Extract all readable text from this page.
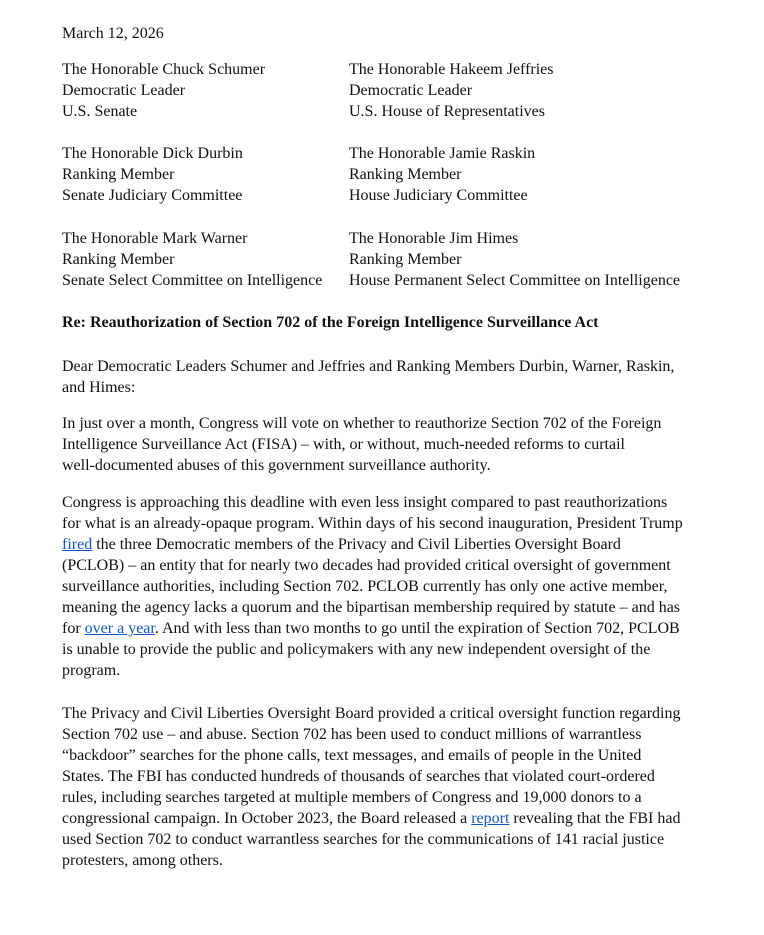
March 12, 2026
The Honorable Chuck Schumer
Democratic Leader
U.S. Senate
The Honorable Hakeem Jeffries
Democratic Leader
U.S. House of Representatives
The Honorable Dick Durbin
Ranking Member
Senate Judiciary Committee
The Honorable Jamie Raskin
Ranking Member
House Judiciary Committee
The Honorable Mark Warner
Ranking Member
Senate Select Committee on Intelligence
The Honorable Jim Himes
Ranking Member
House Permanent Select Committee on Intelligence
Re: Reauthorization of Section 702 of the Foreign Intelligence Surveillance Act
Dear Democratic Leaders Schumer and Jeffries and Ranking Members Durbin, Warner, Raskin,
and Himes:
In just over a month, Congress will vote on whether to reauthorize Section 702 of the Foreign
Intelligence Surveillance Act (FISA) – with, or without, much-needed reforms to curtail
well-documented abuses of this government surveillance authority.
Congress is approaching this deadline with even less insight compared to past reauthorizations
for what is an already-opaque program. Within days of his second inauguration, President Trump
fired the three Democratic members of the Privacy and Civil Liberties Oversight Board
(PCLOB) – an entity that for nearly two decades had provided critical oversight of government
surveillance authorities, including Section 702. PCLOB currently has only one active member,
meaning the agency lacks a quorum and the bipartisan membership required by statute – and has
for over a year. And with less than two months to go until the expiration of Section 702, PCLOB
is unable to provide the public and policymakers with any new independent oversight of the
program.
The Privacy and Civil Liberties Oversight Board provided a critical oversight function regarding
Section 702 use – and abuse. Section 702 has been used to conduct millions of warrantless
“backdoor” searches for the phone calls, text messages, and emails of people in the United
States. The FBI has conducted hundreds of thousands of searches that violated court-ordered
rules, including searches targeted at multiple members of Congress and 19,000 donors to a
congressional campaign. In October 2023, the Board released a report revealing that the FBI had
used Section 702 to conduct warrantless searches for the communications of 141 racial justice
protesters, among others.
